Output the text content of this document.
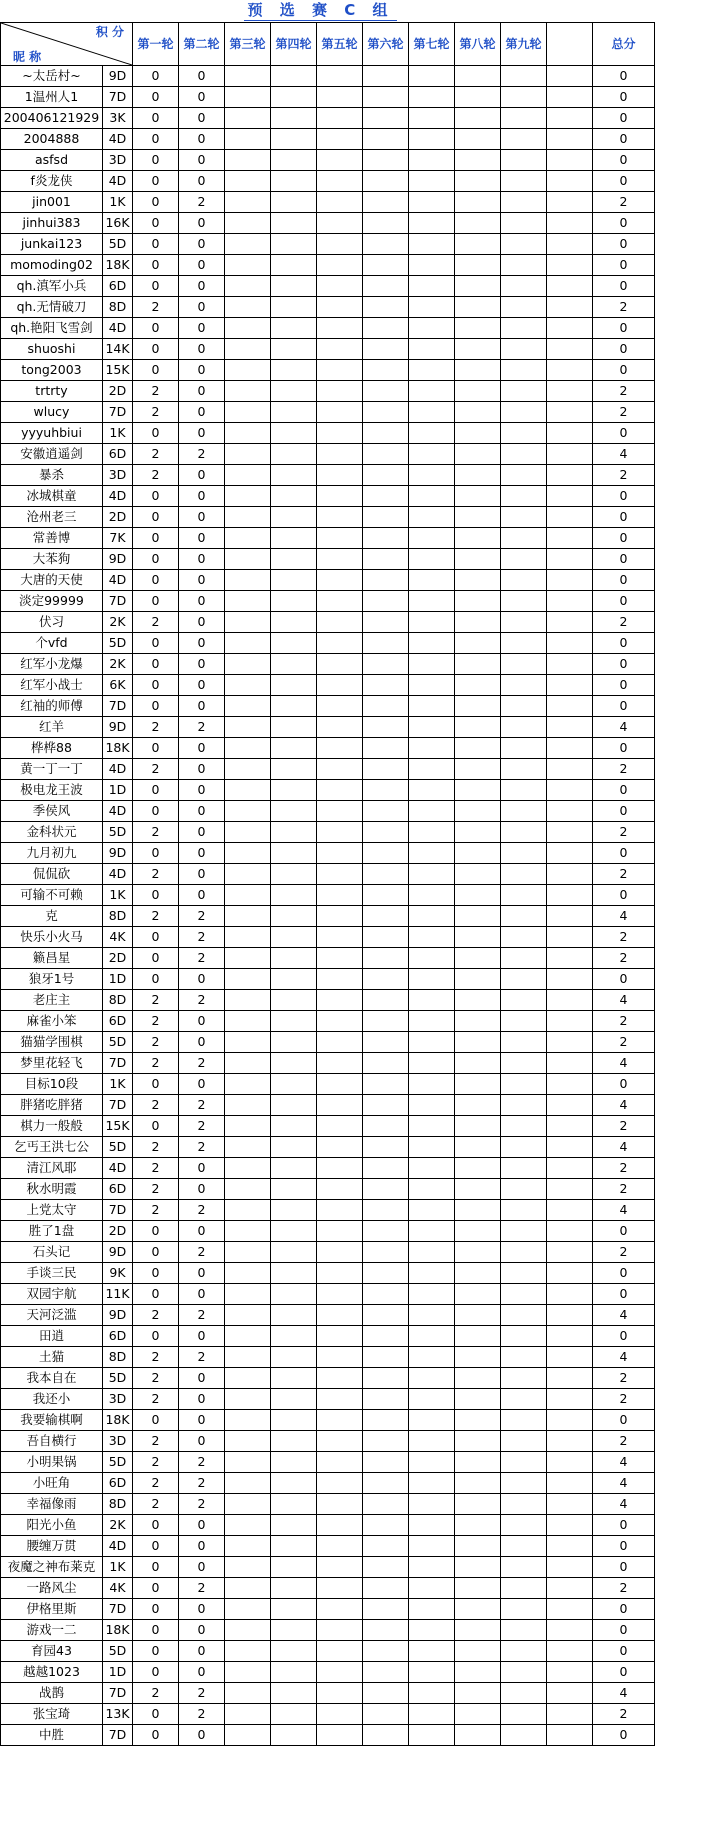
预 选 赛 C 组
积 分
昵 称		第一轮	第二轮	第三轮	第四轮	第五轮	第六轮	第七轮	第八轮	第九轮		总分
~太岳村~	9D	0	0									0
1温州人1	7D	0	0									0
200406121929	3K	0	0									0
2004888	4D	0	0									0
asfsd	3D	0	0									0
f炎龙侠	4D	0	0									0
jin001	1K	0	2									2
jinhui383	16K	0	0									0
junkai123	5D	0	0									0
momoding02	18K	0	0									0
qh.滇军小兵	6D	0	0									0
qh.无情破刀	8D	2	0									2
qh.艳阳飞雪剑	4D	0	0									0
shuoshi	14K	0	0									0
tong2003	15K	0	0									0
trtrty	2D	2	0									2
wlucy	7D	2	0									2
yyyuhbiui	1K	0	0									0
安徽逍遥剑	6D	2	2									4
暴杀	3D	2	0									2
冰城棋童	4D	0	0									0
沧州老三	2D	0	0									0
常善博	7K	0	0									0
大苯狗	9D	0	0									0
大唐的天使	4D	0	0									0
淡定99999	7D	0	0									0
伏习	2K	2	0									2
个vfd	5D	0	0									0
红军小龙爆	2K	0	0									0
红军小战士	6K	0	0									0
红袖的师傅	7D	0	0									0
红羊	9D	2	2									4
桦桦88	18K	0	0									0
黄一丁一丁	4D	2	0									2
极电龙王波	1D	0	0									0
季侯风	4D	0	0									0
金科状元	5D	2	0									2
九月初九	9D	0	0									0
侃侃砍	4D	2	0									2
可输不可赖	1K	0	0									0
克	8D	2	2									4
快乐小火马	4K	0	2									2
籁昌星	2D	0	2									2
狼牙1号	1D	0	0									0
老庄主	8D	2	2									4
麻雀小笨	6D	2	0									2
猫猫学围棋	5D	2	0									2
梦里花轻飞	7D	2	2									4
目标10段	1K	0	0									0
胖猪吃胖猪	7D	2	2									4
棋力一般般	15K	0	2									2
乞丐王洪七公	5D	2	2									4
清江风耶	4D	2	0									2
秋水明霞	6D	2	0									2
上党太守	7D	2	2									4
胜了1盘	2D	0	0									0
石头记	9D	0	2									2
手谈三民	9K	0	0									0
双园宇航	11K	0	0									0
天河泛滥	9D	2	2									4
田逍	6D	0	0									0
土猫	8D	2	2									4
我本自在	5D	2	0									2
我还小	3D	2	0									2
我要输棋啊	18K	0	0									0
吾自横行	3D	2	0									2
小明果锅	5D	2	2									4
小旺角	6D	2	2									4
幸福像雨	8D	2	2									4
阳光小鱼	2K	0	0									0
腰缠万贯	4D	0	0									0
夜魔之神布莱克	1K	0	0									0
一路风尘	4K	0	2									2
伊格里斯	7D	0	0									0
游戏一二	18K	0	0									0
育园43	5D	0	0									0
越越1023	1D	0	0									0
战鹊	7D	2	2									4
张宝琦	13K	0	2									2
中胜	7D	0	0									0
